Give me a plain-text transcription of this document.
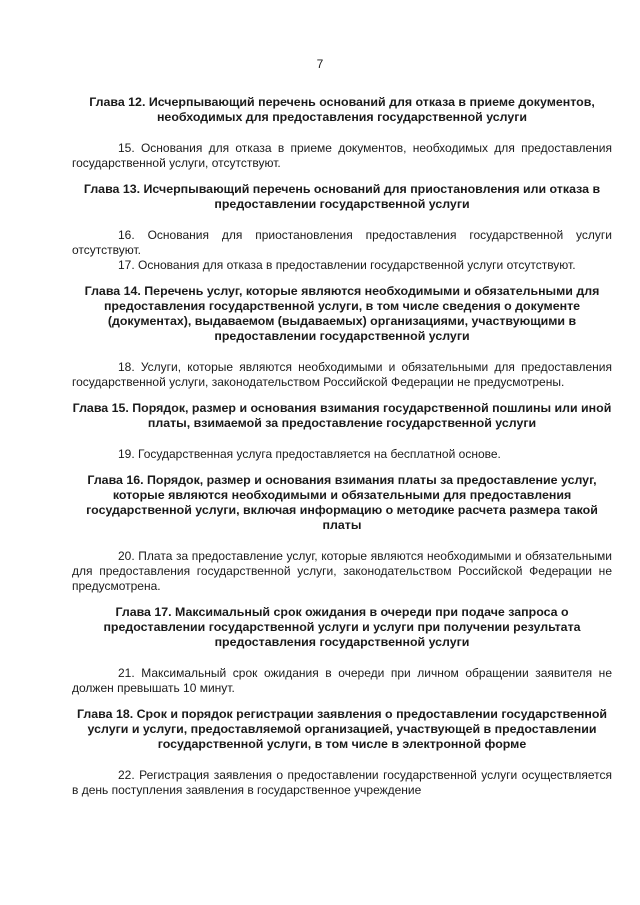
7
Глава 12. Исчерпывающий перечень оснований для отказа в приеме документов, необходимых для предоставления государственной услуги

15. Основания для отказа в приеме документов, необходимых для предоставления государственной услуги, отсутствуют.

Глава 13. Исчерпывающий перечень оснований для приостановления или отказа в предоставлении государственной услуги

16. Основания для приостановления предоставления государственной услуги отсутствуют.

17. Основания для отказа в предоставлении государственной услуги отсутствуют.

Глава 14. Перечень услуг, которые являются необходимыми и обязательными для предоставления государственной услуги, в том числе сведения о документе (документах), выдаваемом (выдаваемых) организациями, участвующими в предоставлении государственной услуги

18. Услуги, которые являются необходимыми и обязательными для предоставления государственной услуги, законодательством Российской Федерации не предусмотрены.

Глава 15. Порядок, размер и основания взимания государственной пошлины или иной платы, взимаемой за предоставление государственной услуги

19. Государственная услуга предоставляется на бесплатной основе.

Глава 16. Порядок, размер и основания взимания платы за предоставление услуг, которые являются необходимыми и обязательными для предоставления государственной услуги, включая информацию о методике расчета размера такой платы

20. Плата за предоставление услуг, которые являются необходимыми и обязательными для предоставления государственной услуги, законодательством Российской Федерации не предусмотрена.

Глава 17. Максимальный срок ожидания в очереди при подаче запроса о предоставлении государственной услуги и услуги при получении результата предоставления государственной услуги

21. Максимальный срок ожидания в очереди при личном обращении заявителя не должен превышать 10 минут.

Глава 18. Срок и порядок регистрации заявления о предоставлении государственной услуги и услуги, предоставляемой организацией, участвующей в предоставлении государственной услуги, в том числе в электронной форме

22. Регистрация заявления о предоставлении государственной услуги осуществляется в день поступления заявления в государственное учреждение
